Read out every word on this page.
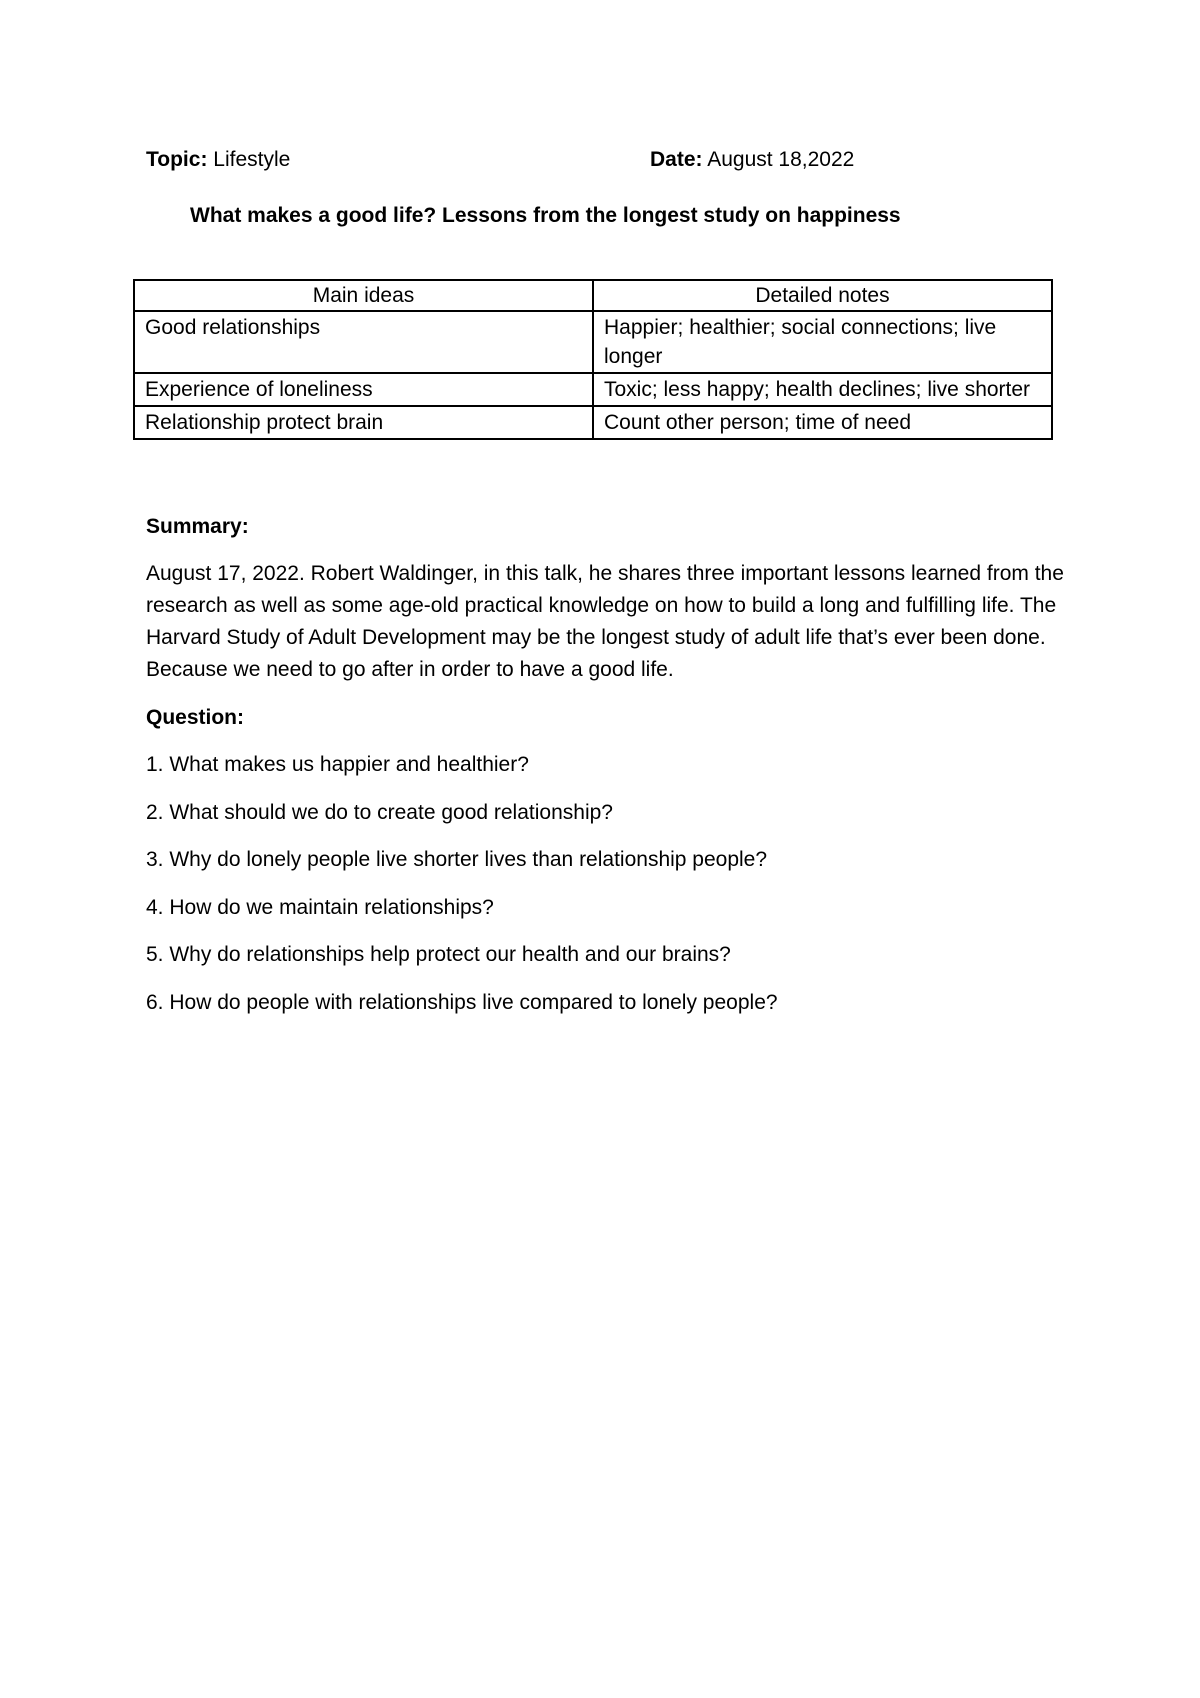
Topic: Lifestyle	Date: August 18,2022
What makes a good life? Lessons from the longest study on happiness
Main ideas	Detailed notes
Good relationships	Happier; healthier; social connections; live longer
Experience of loneliness	Toxic; less happy; health declines; live shorter
Relationship protect brain	Count other person; time of need
Summary:
August 17, 2022. Robert Waldinger, in this talk, he shares three important lessons learned from the research as well as some age-old practical knowledge on how to build a long and fulfilling life. The Harvard Study of Adult Development may be the longest study of adult life that’s ever been done. Because we need to go after in order to have a good life.
Question:
1. What makes us happier and healthier?
2. What should we do to create good relationship?
3. Why do lonely people live shorter lives than relationship people?
4. How do we maintain relationships?
5. Why do relationships help protect our health and our brains?
6. How do people with relationships live compared to lonely people?
